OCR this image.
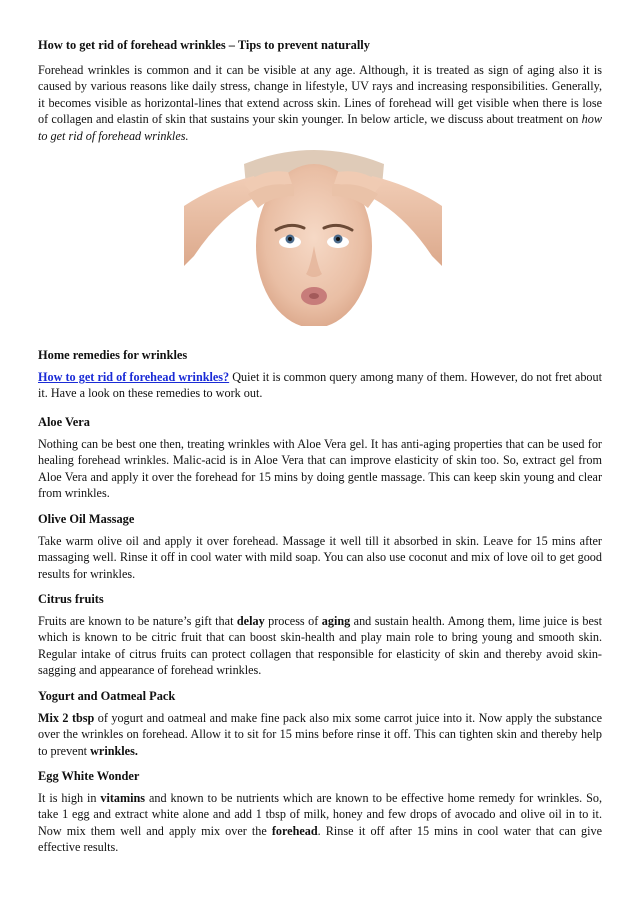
How to get rid of forehead wrinkles – Tips to prevent naturally

Forehead wrinkles is common and it can be visible at any age. Although, it is treated as sign of aging also it is caused by various reasons like daily stress, change in lifestyle, UV rays and increasing responsibilities. Generally, it becomes visible as horizontal-lines that extend across skin. Lines of forehead will get visible when there is lose of collagen and elastin of skin that sustains your skin younger. In below article, we discuss about treatment on how to get rid of forehead wrinkles.

Home remedies for wrinkles

How to get rid of forehead wrinkles? Quiet it is common query among many of them. However, do not fret about it. Have a look on these remedies to work out.

Aloe Vera

Nothing can be best one then, treating wrinkles with Aloe Vera gel. It has anti-aging properties that can be used for healing forehead wrinkles. Malic-acid is in Aloe Vera that can improve elasticity of skin too. So, extract gel from Aloe Vera and apply it over the forehead for 15 mins by doing gentle massage. This can keep skin young and clear from wrinkles.

Olive Oil Massage

Take warm olive oil and apply it over forehead. Massage it well till it absorbed in skin. Leave for 15 mins after massaging well. Rinse it off in cool water with mild soap. You can also use coconut and mix of love oil to get good results for wrinkles.

Citrus fruits

Fruits are known to be nature’s gift that delay process of aging and sustain health. Among them, lime juice is best which is known to be citric fruit that can boost skin-health and play main role to bring young and smooth skin. Regular intake of citrus fruits can protect collagen that responsible for elasticity of skin and thereby avoid skin-sagging and appearance of forehead wrinkles.

Yogurt and Oatmeal Pack

Mix 2 tbsp of yogurt and oatmeal and make fine pack also mix some carrot juice into it. Now apply the substance over the wrinkles on forehead. Allow it to sit for 15 mins before rinse it off. This can tighten skin and thereby help to prevent wrinkles.

Egg White Wonder

It is high in vitamins and known to be nutrients which are known to be effective home remedy for wrinkles. So, take 1 egg and extract white alone and add 1 tbsp of milk, honey and few drops of avocado and olive oil in to it. Now mix them well and apply mix over the forehead. Rinse it off after 15 mins in cool water that can give effective results.
